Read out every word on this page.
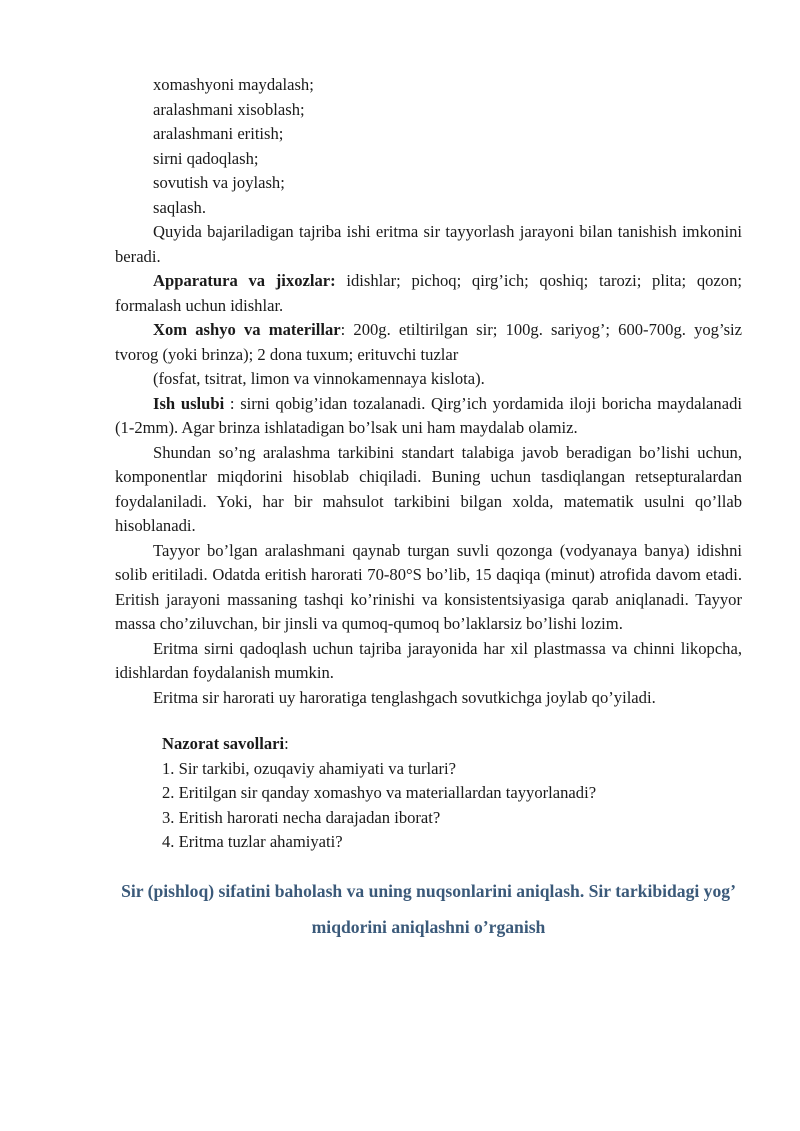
xomashyoni maydalash;
aralashmani xisoblash;
aralashmani eritish;
sirni qadoqlash;
sovutish va joylash;
saqlash.

Quyida bajariladigan tajriba ishi eritma sir tayyorlash jarayoni bilan tanishish imkonini beradi.

Apparatura va jixozlar: idishlar; pichoq; qirg’ich; qoshiq; tarozi; plita; qozon; formalash uchun idishlar.

Xom ashyo va materillar: 200g. etiltirilgan sir; 100g. sariyog’; 600-700g. yog’siz tvorog (yoki brinza); 2 dona tuxum; erituvchi tuzlar

(fosfat, tsitrat, limon va vinnokamennaya kislota).

Ish uslubi : sirni qobig’idan tozalanadi. Qirg’ich yordamida iloji boricha maydalanadi (1-2mm). Agar brinza ishlatadigan bo’lsak uni ham maydalab olamiz.

Shundan so’ng aralashma tarkibini standart talabiga javob beradigan bo’lishi uchun, komponentlar miqdorini hisoblab chiqiladi. Buning uchun tasdiqlangan retsepturalardan foydalaniladi. Yoki, har bir mahsulot tarkibini bilgan xolda, matematik usulni qo’llab hisoblanadi.

Tayyor bo’lgan aralashmani qaynab turgan suvli qozonga (vodyanaya banya) idishni solib eritiladi. Odatda eritish harorati 70-80°S bo’lib, 15 daqiqa (minut) atrofida davom etadi. Eritish jarayoni massaning tashqi ko’rinishi va konsistentsiyasiga qarab aniqlanadi. Tayyor massa cho’ziluvchan, bir jinsli va qumoq-qumoq bo’laklarsiz bo’lishi lozim.

Eritma sirni qadoqlash uchun tajriba jarayonida har xil plastmassa va chinni likopcha, idishlardan foydalanish mumkin.

Eritma sir harorati uy haroratiga tenglashgach sovutkichga joylab qo’yiladi.

Nazorat savollari:
1. Sir tarkibi, ozuqaviy ahamiyati va turlari?
2. Eritilgan sir qanday xomashyo va materiallardan tayyorlanadi?
3. Eritish harorati necha darajadan iborat?
4. Eritma tuzlar ahamiyati?
Sir (pishloq) sifatini baholash va uning nuqsonlarini aniqlash. Sir tarkibidagi yog’ miqdorini aniqlashni o’rganish
